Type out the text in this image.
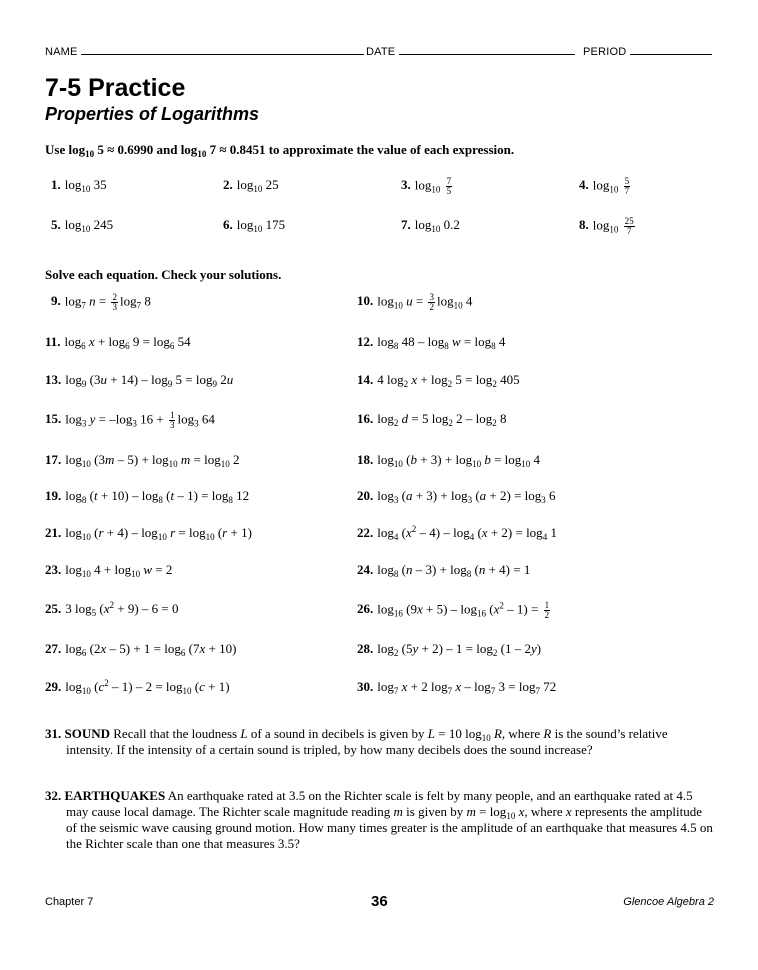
NAME	DATE	PERIOD
7-5 Practice
Properties of Logarithms
Use $\log_{10} 5 \approx 0.6990$ and $\log_{10} 7 \approx 0.8451$ to approximate the value of each expression.
1. $\log_{10} 35$	2. $\log_{10} 25$	3. $\log_{10} \frac{7}{5}$	4. $\log_{10} \frac{5}{7}$
5. $\log_{10} 245$	6. $\log_{10} 175$	7. $\log_{10} 0.2$	8. $\log_{10} \frac{25}{7}$
Solve each equation. Check your solutions.
9. $\log_7 n = \frac{2}{3} \log_7 8$	10. $\log_{10} u = \frac{3}{2} \log_{10} 4$
11. $\log_6 x + \log_6 9 = \log_6 54$	12. $\log_8 48 - \log_8 w = \log_8 4$
13. $\log_9 (3u + 14) - \log_9 5 = \log_9 2u$	14. 4 $\log_2 x + \log_2 5 = \log_2 405$
15. $\log_3 y = -\log_3$ $16 + \frac{1}{3} \log_3 64$	16. $\log_2 d = 5$ $\log_2 2 - \log_2 8$
17. $\log_{10} (3m - 5) + \log_{10} m = \log_{10} 2$	18. $\log_{10} (b + 3) + \log_{10} b = \log_{10} 4$
19. $\log_8 (t + 10) - \log_8 (t - 1) = \log_8 12$	20. $\log_3 (a + 3) + \log_3 (a + 2) = \log_3 6$
21. $\log_{10} (r + 4) - \log_{10} r = \log_{10} (r + 1)$	22. $\log_4 (x^2 - 4) - \log_4 (x + 2) = \log_4 1$
23. $\log_{10} 4 + \log_{10} w = 2$	24. $\log_8 (n - 3) + \log_8 (n + 4) = 1$
25. 3 $\log_5 (x^2 + 9) - 6 = 0$	26. $\log_{16} (9x + 5) - \log_{16} (x^2 - 1) = \frac{1}{2}$
27. $\log_6 (2x - 5) + 1 = \log_6 (7x + 10)$	28. $\log_2 (5y + 2) - 1 = \log_2 (1 - 2y)$
29. $\log_{10} (c^2 - 1) - 2 = \log_{10} (c + 1)$	30. $\log_7 x + 2$ $\log_7 x - \log_7 3 = \log_7 72$
31. SOUND Recall that the loudness L of a sound in decibels is given by L = 10 $\log_{10} R$, where R is the sound’s relative intensity. If the intensity of a certain sound is tripled, by how many decibels does the sound increase?
32. EARTHQUAKES An earthquake rated at 3.5 on the Richter scale is felt by many people, and an earthquake rated at 4.5 may cause local damage. The Richter scale magnitude reading m is given by $m = \log_{10} x$, where x represents the amplitude of the seismic wave causing ground motion. How many times greater is the amplitude of an earthquake that measures 4.5 on the Richter scale than one that measures 3.5?
Chapter 7	36	Glencoe Algebra 2
